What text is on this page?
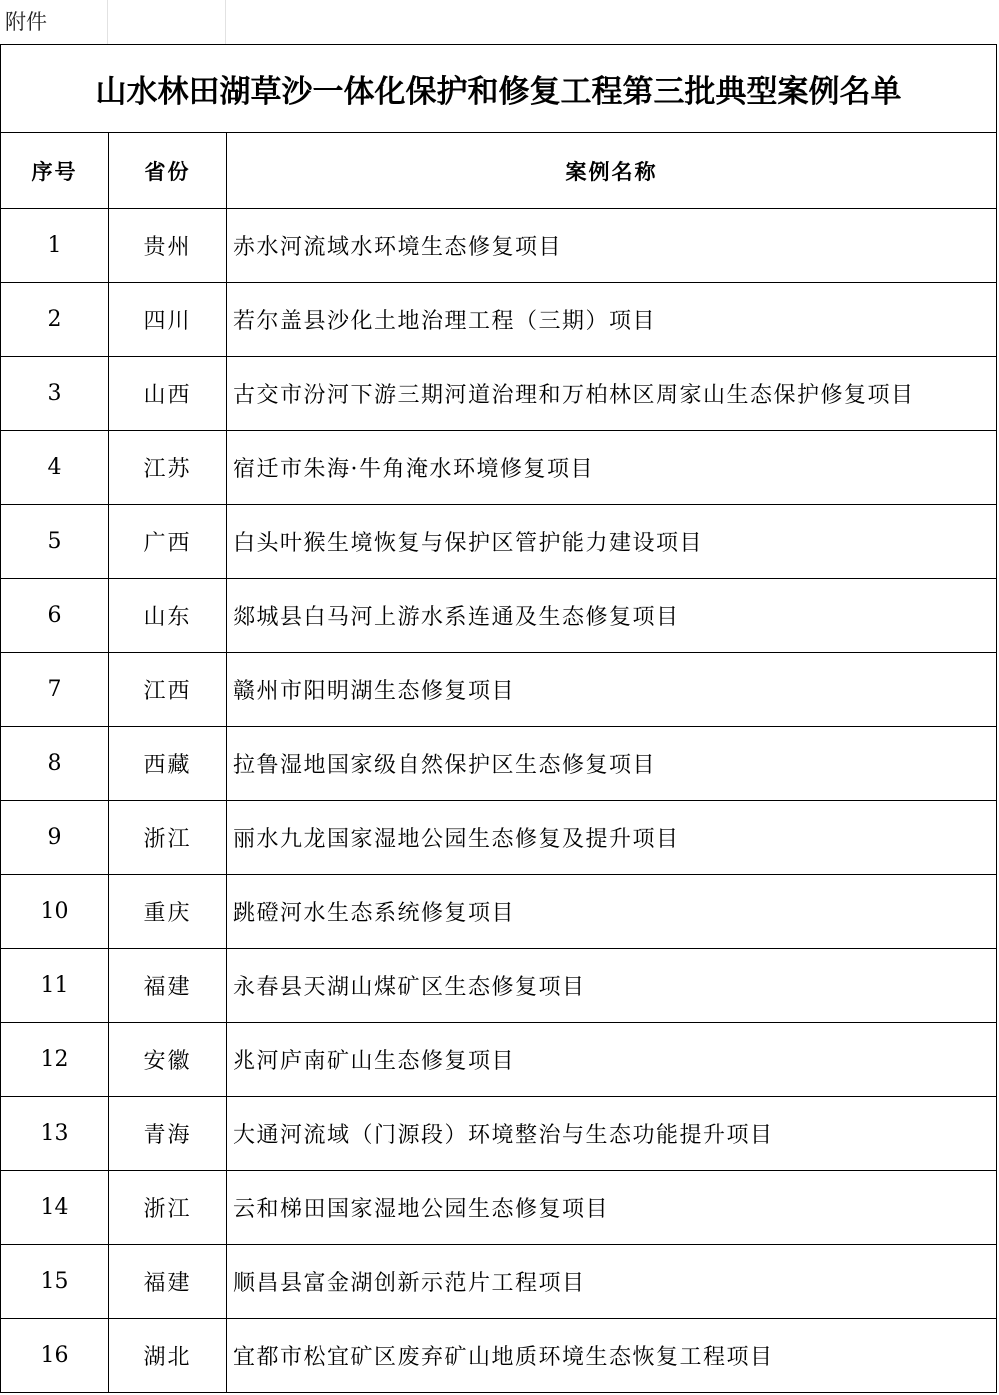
附件
山水林田湖草沙一体化保护和修复工程第三批典型案例名单		
序号	省份	案例名称
1	贵州	赤水河流域水环境生态修复项目
2	四川	若尔盖县沙化土地治理工程（三期）项目
3	山西	古交市汾河下游三期河道治理和万柏林区周家山生态保护修复项目
4	江苏	宿迁市朱海·牛角淹水环境修复项目
5	广西	白头叶猴生境恢复与保护区管护能力建设项目
6	山东	郯城县白马河上游水系连通及生态修复项目
7	江西	赣州市阳明湖生态修复项目
8	西藏	拉鲁湿地国家级自然保护区生态修复项目
9	浙江	丽水九龙国家湿地公园生态修复及提升项目
10	重庆	跳磴河水生态系统修复项目
11	福建	永春县天湖山煤矿区生态修复项目
12	安徽	兆河庐南矿山生态修复项目
13	青海	大通河流域（门源段）环境整治与生态功能提升项目
14	浙江	云和梯田国家湿地公园生态修复项目
15	福建	顺昌县富金湖创新示范片工程项目
16	湖北	宜都市松宜矿区废弃矿山地质环境生态恢复工程项目
